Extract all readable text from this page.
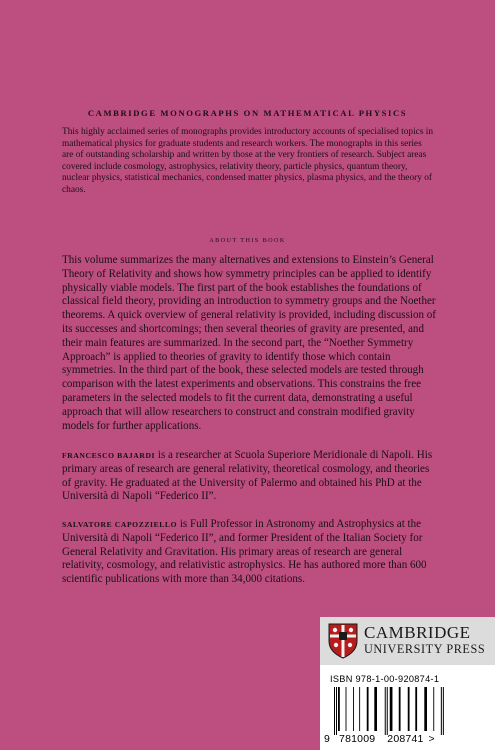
CAMBRIDGE MONOGRAPHS ON MATHEMATICAL PHYSICS

This highly acclaimed series of monographs provides introductory accounts of specialised topics in mathematical physics for graduate students and research workers. The monographs in this series are of outstanding scholarship and written by those at the very frontiers of research. Subject areas covered include cosmology, astrophysics, relativity theory, particle physics, quantum theory, nuclear physics, statistical mechanics, condensed matter physics, plasma physics, and the theory of chaos.

ABOUT THIS BOOK

This volume summarizes the many alternatives and extensions to Einstein’s General Theory of Relativity and shows how symmetry principles can be applied to identify physically viable models. The first part of the book establishes the foundations of classical field theory, providing an introduction to symmetry groups and the Noether theorems. A quick overview of general relativity is provided, including discussion of its successes and shortcomings; then several theories of gravity are presented, and their main features are summarized. In the second part, the “Noether Symmetry Approach” is applied to theories of gravity to identify those which contain symmetries. In the third part of the book, these selected models are tested through comparison with the latest experiments and observations. This constrains the free parameters in the selected models to fit the current data, demonstrating a useful approach that will allow researchers to construct and constrain modified gravity models for further applications.

FRANCESCO BAJARDI is a researcher at Scuola Superiore Meridionale di Napoli. His primary areas of research are general relativity, theoretical cosmology, and theories of gravity. He graduated at the University of Palermo and obtained his PhD at the Università di Napoli “Federico II”.

SALVATORE CAPOZZIELLO is Full Professor in Astronomy and Astrophysics at the Università di Napoli “Federico II”, and former President of the Italian Society for General Relativity and Gravitation. His primary areas of research are general relativity, cosmology, and relativistic astrophysics. He has authored more than 600 scientific publications with more than 34,000 citations.

CAMBRIDGE
UNIVERSITY PRESS
ISBN 978-1-00-920874-1
9 781009 208741 >
